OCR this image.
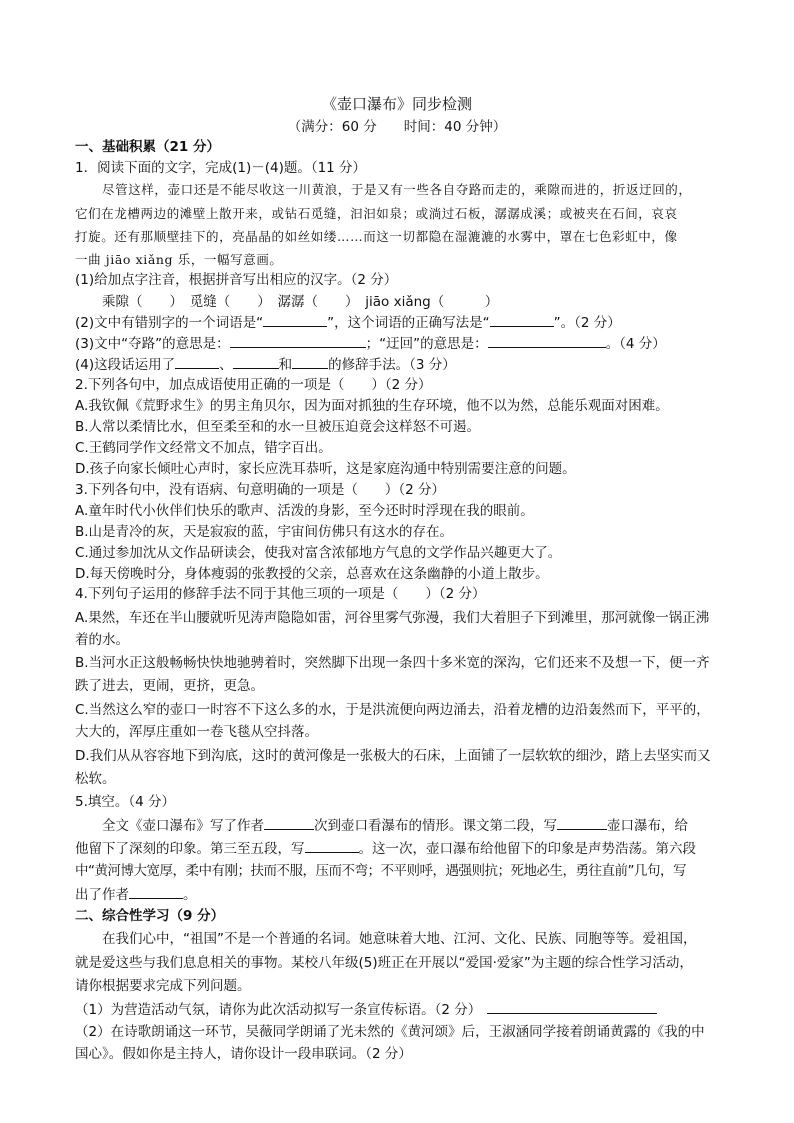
《壶口瀑布》同步检测
（满分：60 分　　时间：40 分钟）
一、基础积累（21 分）
1．阅读下面的文字，完成(1)－(4)题。（11 分）
尽管这样，壶口还是不能尽收这一川黄浪，于是又有一些各自夺路而走的，乘隙而进的，折返迂回的，
它们在龙槽两边的滩壁上散开来，或钻石觅缝，汩汩如泉；或淌过石板，潺潺成溪；或被夹在石间，哀哀
打旋。还有那顺壁挂下的，亮晶晶的如丝如缕……而这一切都隐在湿漉漉的水雾中，罩在七色彩虹中，像
一曲 jiāo xiǎng 乐，一幅写意画。
(1)给加点字注音，根据拼音写出相应的汉字。（2 分）
乘隙（　　）　觅缝（　　）　潺潺（　　）　jiāo xiǎng（　　　）
(2)文中有错别字的一个词语是“	”，这个词语的正确写法是“	”。（2 分）
(3)文中“夺路”的意思是：	；“迂回”的意思是：	。（4 分）
(4)这段话运用了	、	和	的修辞手法。（3 分）
2.下列各句中，加点成语使用正确的一项是（　　）（2 分）
A.我钦佩《荒野求生》的男主角贝尔，因为面对抓独的生存环境，他不以为然，总能乐观面对困难。
B.人常以柔情比水，但至柔至和的水一旦被压迫竟会这样怒不可遏。
C.王鹤同学作文经常文不加点，错字百出。
D.孩子向家长倾吐心声时，家长应洗耳恭听，这是家庭沟通中特别需要注意的问题。
3.下列各句中，没有语病、句意明确的一项是（　　）（2 分）
A.童年时代小伙伴们快乐的歌声、活泼的身影，至今还时时浮现在我的眼前。
B.山是青冷的灰，天是寂寂的蓝，宇宙间仿佛只有这水的存在。
C.通过参加沈从文作品研读会，使我对富含浓郁地方气息的文学作品兴趣更大了。
D.每天傍晚时分，身体瘦弱的张教授的父亲，总喜欢在这条幽静的小道上散步。
4.下列句子运用的修辞手法不同于其他三项的一项是（　　）（2 分）
A.果然，车还在半山腰就听见涛声隐隐如雷，河谷里雾气弥漫，我们大着胆子下到滩里，那河就像一锅正沸
着的水。
B.当河水正这般畅畅快快地驰骋着时，突然脚下出现一条四十多米宽的深沟，它们还来不及想一下，便一齐
跌了进去，更闹，更挤，更急。
C.当然这么窄的壶口一时容不下这么多的水，于是洪流便向两边涌去，沿着龙槽的边沿轰然而下，平平的，
大大的，浑厚庄重如一卷飞毯从空抖落。
D.我们从从容容地下到沟底，这时的黄河像是一张极大的石床，上面铺了一层软软的细沙，踏上去坚实而又
松软。
5.填空。（4 分）
全文《壶口瀑布》写了作者	次到壶口看瀑布的情形。课文第二段，写	壶口瀑布，给
他留下了深刻的印象。第三至五段，写	。这一次，壶口瀑布给他留下的印象是声势浩荡。第六段
中“黄河博大宽厚，柔中有刚；扶而不服，压而不弯；不平则呼，遇强则抗；死地必生，勇往直前”几句，写
出了作者	。
二、综合性学习（9 分）
在我们心中，“祖国”不是一个普通的名词。她意味着大地、江河、文化、民族、同胞等等。爱祖国，
就是爱这些与我们息息相关的事物。某校八年级(5)班正在开展以“爱国·爱家”为主题的综合性学习活动，
请你根据要求完成下列问题。
（1）为营造活动气氛，请你为此次活动拟写一条宣传标语。（2 分）
（2）在诗歌朗诵这一环节，吴薇同学朗诵了光未然的《黄河颂》后，王淑涵同学接着朗诵黄露的《我的中
国心》。假如你是主持人，请你设计一段串联词。（2 分）
